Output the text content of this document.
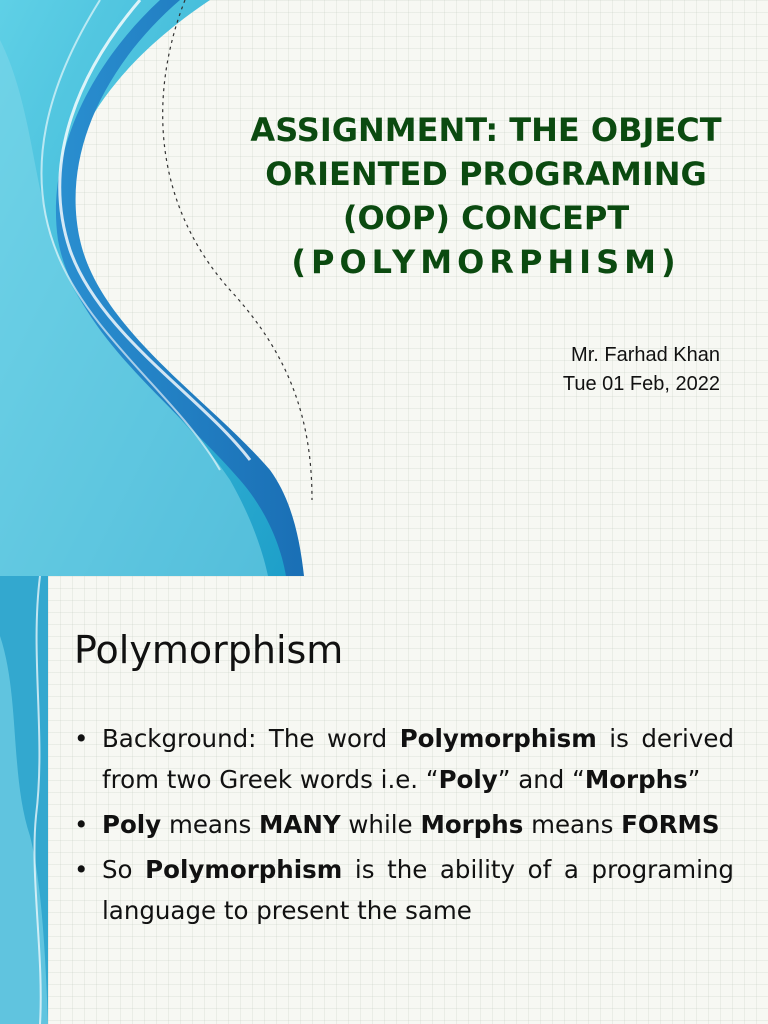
ASSIGNMENT: THE OBJECT
ORIENTED PROGRAMING
(OOP) CONCEPT
(POLYMORPHISM)
Mr. Farhad Khan
Tue 01 Feb, 2022
Polymorphism
• Background: The word Polymorphism is derived from two Greek words i.e. “Poly” and “Morphs”
• Poly means MANY while Morphs means FORMS
• So Polymorphism is the ability of a programing language to present the same
